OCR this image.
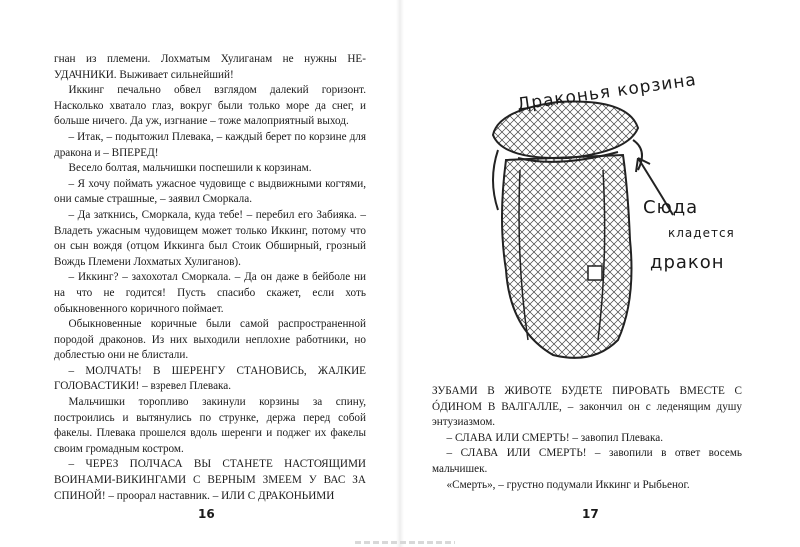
гнан из племени. Лохматым Хулиганам не нужны НЕ-УДАЧНИКИ. Выживает сильнейший!

Иккинг печально обвел взглядом далекий горизонт. Насколько хватало глаз, вокруг были только море да снег, и больше ничего. Да уж, изгнание – тоже малоприятный выход.

– Итак, – подытожил Плевака, – каждый берет по корзине для дракона и – ВПЕРЕД!

Весело болтая, мальчишки поспешили к корзинам.

– Я хочу поймать ужасное чудовище с выдвижными когтями, они самые страшные, – заявил Сморкала.

– Да заткнись, Сморкала, куда тебе! – перебил его Забияка. – Владеть ужасным чудовищем может только Иккинг, потому что он сын вождя (отцом Иккинга был Стоик Обширный, грозный Вождь Племени Лохматых Хулиганов).

– Иккинг? – захохотал Сморкала. – Да он даже в бейболе ни на что не годится! Пусть спасибо скажет, если хоть обыкновенного коричного поймает.

Обыкновенные коричные были самой распространенной породой драконов. Из них выходили неплохие работники, но доблестью они не блистали.

– МОЛЧАТЬ! В ШЕРЕНГУ СТАНОВИСЬ, ЖАЛКИЕ ГОЛОВАСТИКИ! – взревел Плевака.

Мальчишки торопливо закинули корзины за спину, построились и вытянулись по струнке, держа перед собой факелы. Плевака прошелся вдоль шеренги и поджег их факелы своим громадным костром.

– ЧЕРЕЗ ПОЛЧАСА ВЫ СТАНЕТЕ НАСТОЯЩИМИ ВОИНАМИ-ВИКИНГАМИ С ВЕРНЫМ ЗМЕЕМ У ВАС ЗА СПИНОЙ! – проорал наставник. – ИЛИ С ДРАКОНЬИМИ

16
Драконья корзина
Сюда
кладется
дракон

ЗУБАМИ В ЖИВОТЕ БУДЕТЕ ПИРОВАТЬ ВМЕСТЕ С ÓДИНОМ В ВАЛГАЛЛЕ, – закончил он с леденящим душу энтузиазмом.

– СЛАВА ИЛИ СМЕРТЬ! – завопил Плевака.

– СЛАВА ИЛИ СМЕРТЬ! – завопили в ответ восемь мальчишек.

«Смерть», – грустно подумали Иккинг и Рыбьеног.

17
